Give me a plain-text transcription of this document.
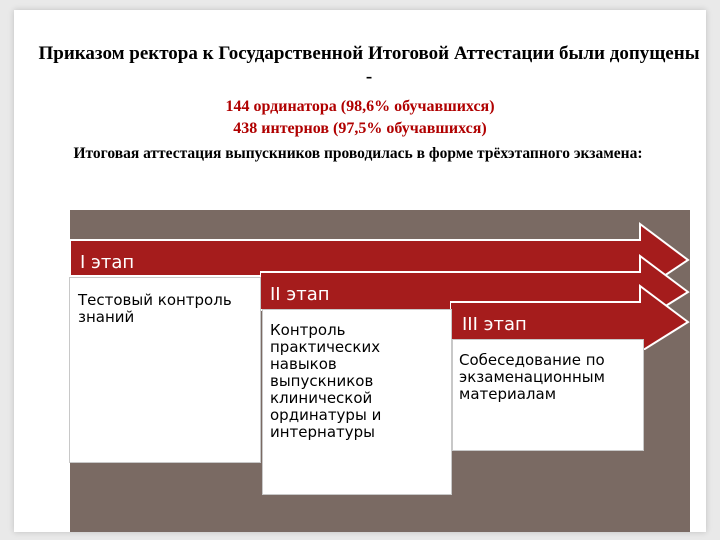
Приказом ректора к Государственной Итоговой Аттестации были допущены -
144 ординатора (98,6% обучавшихся)
438 интернов (97,5% обучавшихся)
Итоговая аттестация выпускников проводилась в форме трёхэтапного экзамена:
I этап
II этап
III этап
Тестовый контроль знаний
Контроль практических навыков выпускников клинической ординатуры и интернатуры
Собеседование по экзаменационным материалам
